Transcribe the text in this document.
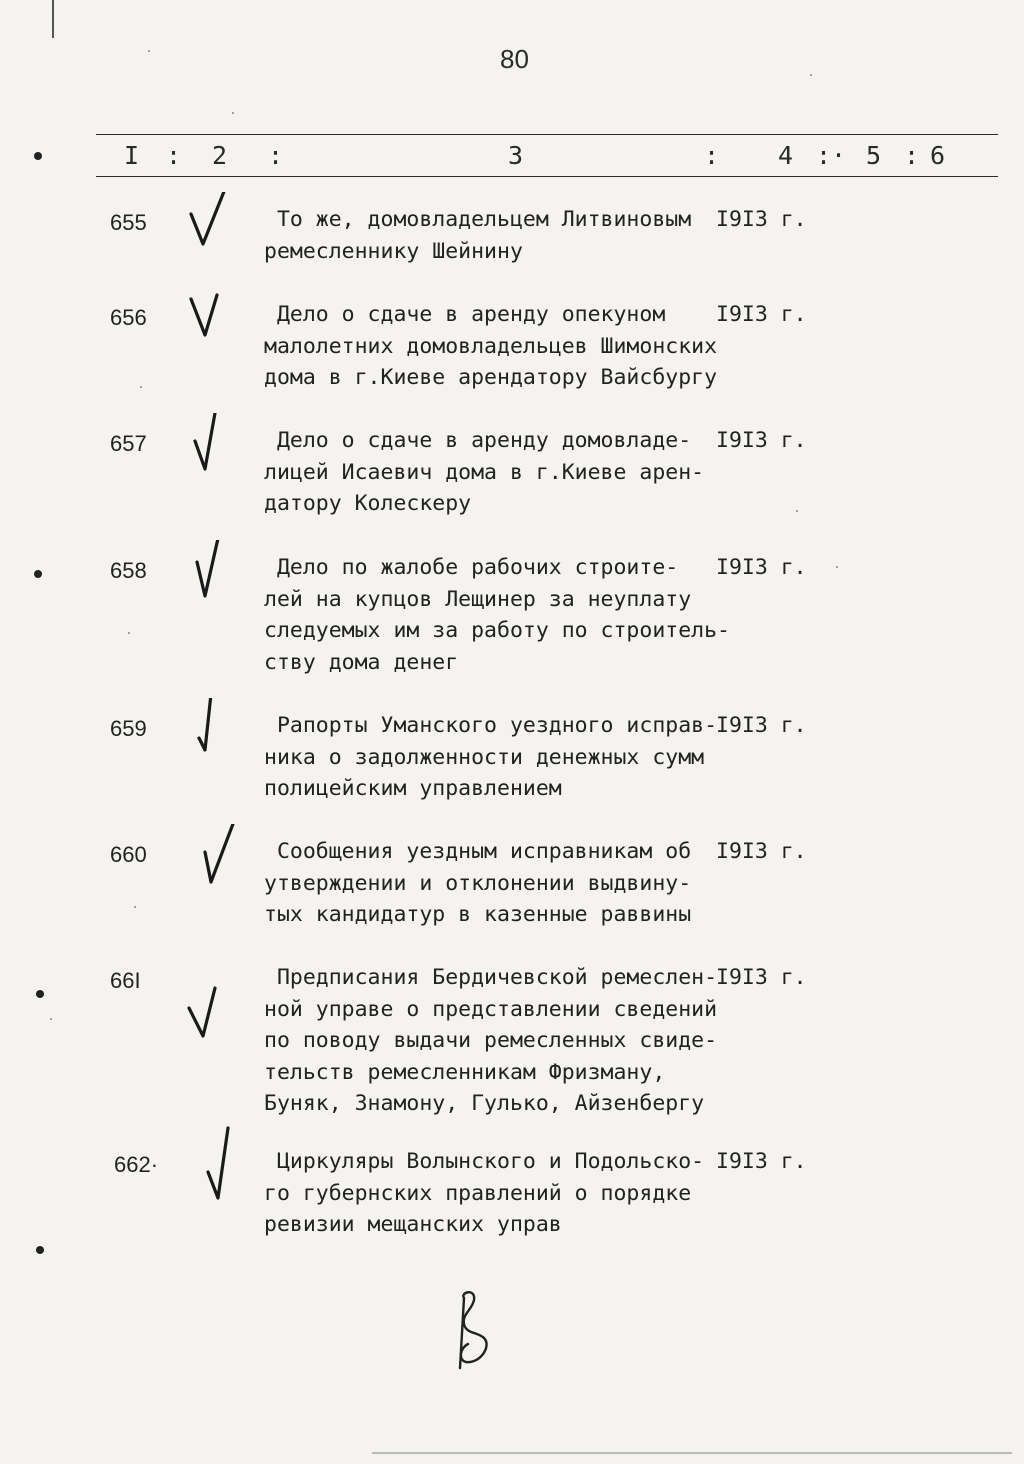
80
I : 2 :	3	: 4 :· 5 : 6
655	То же, домовладельцем Литвиновым
ремесленнику Шейнину
I9I3 г.
656	Дело о сдаче в аренду опекуном
малолетних домовладельцев Шимонских
дома в г.Киеве арендатору Вайсбургу
I9I3 г.
657	Дело о сдаче в аренду домовладе-
лицей Исаевич дома в г.Киеве арен-
датору Колескеру
I9I3 г.
658	Дело по жалобе рабочих строите-
лей на купцов Лещинер за неуплату
следуемых им за работу по строитель-
ству дома денег
I9I3 г.
659	Рапорты Уманского уездного исправ-
ника о задолженности денежных сумм
полицейским управлением
I9I3 г.
660	Сообщения уездным исправникам об
утверждении и отклонении выдвину-
тых кандидатур в казенные раввины
I9I3 г.
66I	Предписания Бердичевской ремеслен-
ной управе о представлении сведений
по поводу выдачи ремесленных свиде-
тельств ремесленникам Фризману,
Буняк, Знамону, Гулько, Айзенбергу
I9I3 г.
662·	Циркуляры Волынского и Подольско-
го губернских правлений о порядке
ревизии мещанских управ
I9I3 г.
